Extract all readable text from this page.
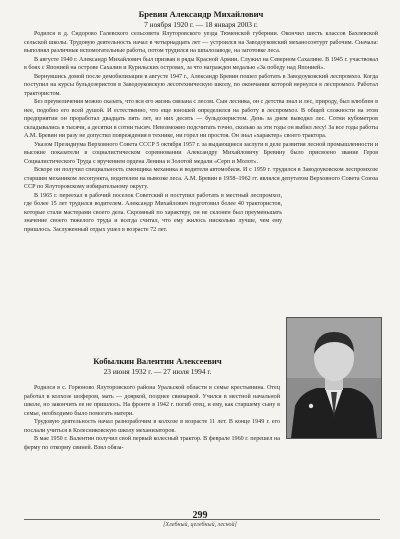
Бревин Александр Михайлович
7 ноября 1920 г. — 18 января 2003 г.

Родился в д. Сидорово Галевского сельсовета Ялуторовского уезда Тюменской губернии. Окончил шесть классов Бахлевской сельской школы. Трудовую деятельность начал в четырнадцать лет — устроился на Заводоуковский механосонтурт рабочим. Сначала: выполнял различные вспомогательные работы, потом трудился на шпалозаводе, на заготовке леса.

В августе 1940 г. Александр Михайлович был призван в ряды Красной Армии. Служил на Северном Сахалине. В 1945 г. участвовал в боях с Японией на острове Сахалин и Курильских островах, за что награжден медалью «За победу над Японией».

Вернувшись домой после демобилизации в августе 1947 г., Александр Бревин пошел работать в Заводоуковский леспромхоз. Когда поступил на курсы бульдозеристов в Заводоуковскую лесотехническую школу, по окончании которой вернулся в леспромхоз. Работал трактористом.

Без преувеличения можно сказать, что вся его жизнь связана с лесом. Сын лесника, он с детства знал и лес, природу, был влюблен в нее, подобно его всей душой. И естественно, что еще юношей определился на работу в леспромхоз. В общей сложности на этом предприятии он проработал двадцать пять лет, из них десять — бульдозеристом. День за днем выводил лес. Сотни кубометров складывались в тысячи, а десятки в сотни тысяч. Невозможно подсчитать точно, сколько за эти годы он выбил лесу! За все годы работы А.М. Бревин ни разу не допустил повреждения в технике, ни горел ни простоя. Он знал «характер» своего трактора.

Указом Президиума Верховного Совета СССР 5 октября 1957 г. за выдающиеся заслуги в деле развития лесной промышленности и высокие показатели в социалистическом соревновании Александру Михайловичу Бревину было присвоено звание Героя Социалистического Труда с вручением ордена Ленина и Золотой медали «Серп и Молот».

Вскоре он получил специальность сменщика механика и водителя автомобиля. И с 1959 г. трудился в Заводоуковском леспромхозе старшим механиком лесопункта, водителем на вывозке леса. А.М. Бревин в 1958–1962 гг. являлся депутатом Верховного Совета Союза ССР по Ялуторовскому избирательному округу.

В 1965 г. переехал в рабочий поселок Советский и поступил работать в местный леспромхоз, где более 15 лет трудился водителем. Александр Михайлович подготовил более 40 трактористов, которые стали мастерами своего дела. Скромный по характеру, он не склонен был преуменьшать значение своего тяжелого труда и всегда считал, что ему жилось нисколько лучше, чем ему пришлось. Заслуженный отдых ушел в возрасте 72 лет.

Кобылкин Валентин Алексеевич
23 июня 1932 г. — 27 июля 1994 г.

Родился в с. Горюново Ялуторовского района Уральской области в семье крестьянина. Отец работал в колхозе шофером, мать — дояркой, позднее свинаркой. Учился в местной начальной школе, но закончить ее не пришлось. На фронте в 1942 г. погиб отец, и ему, как старшему сыну в семье, необходимо было помогать матери.

Трудовую деятельность начал разнорабочим в колхозе в возрасте 11 лет. В конце 1949 г. его послали учиться в Колесниковскую школу механизаторов.

В мае 1950 г. Валентин получил свой первый колесный трактор. В феврале 1960 г. перешел на ферму по откорму свиней. Взял обяза-

299
[Хлебный, целебный, лесной]
